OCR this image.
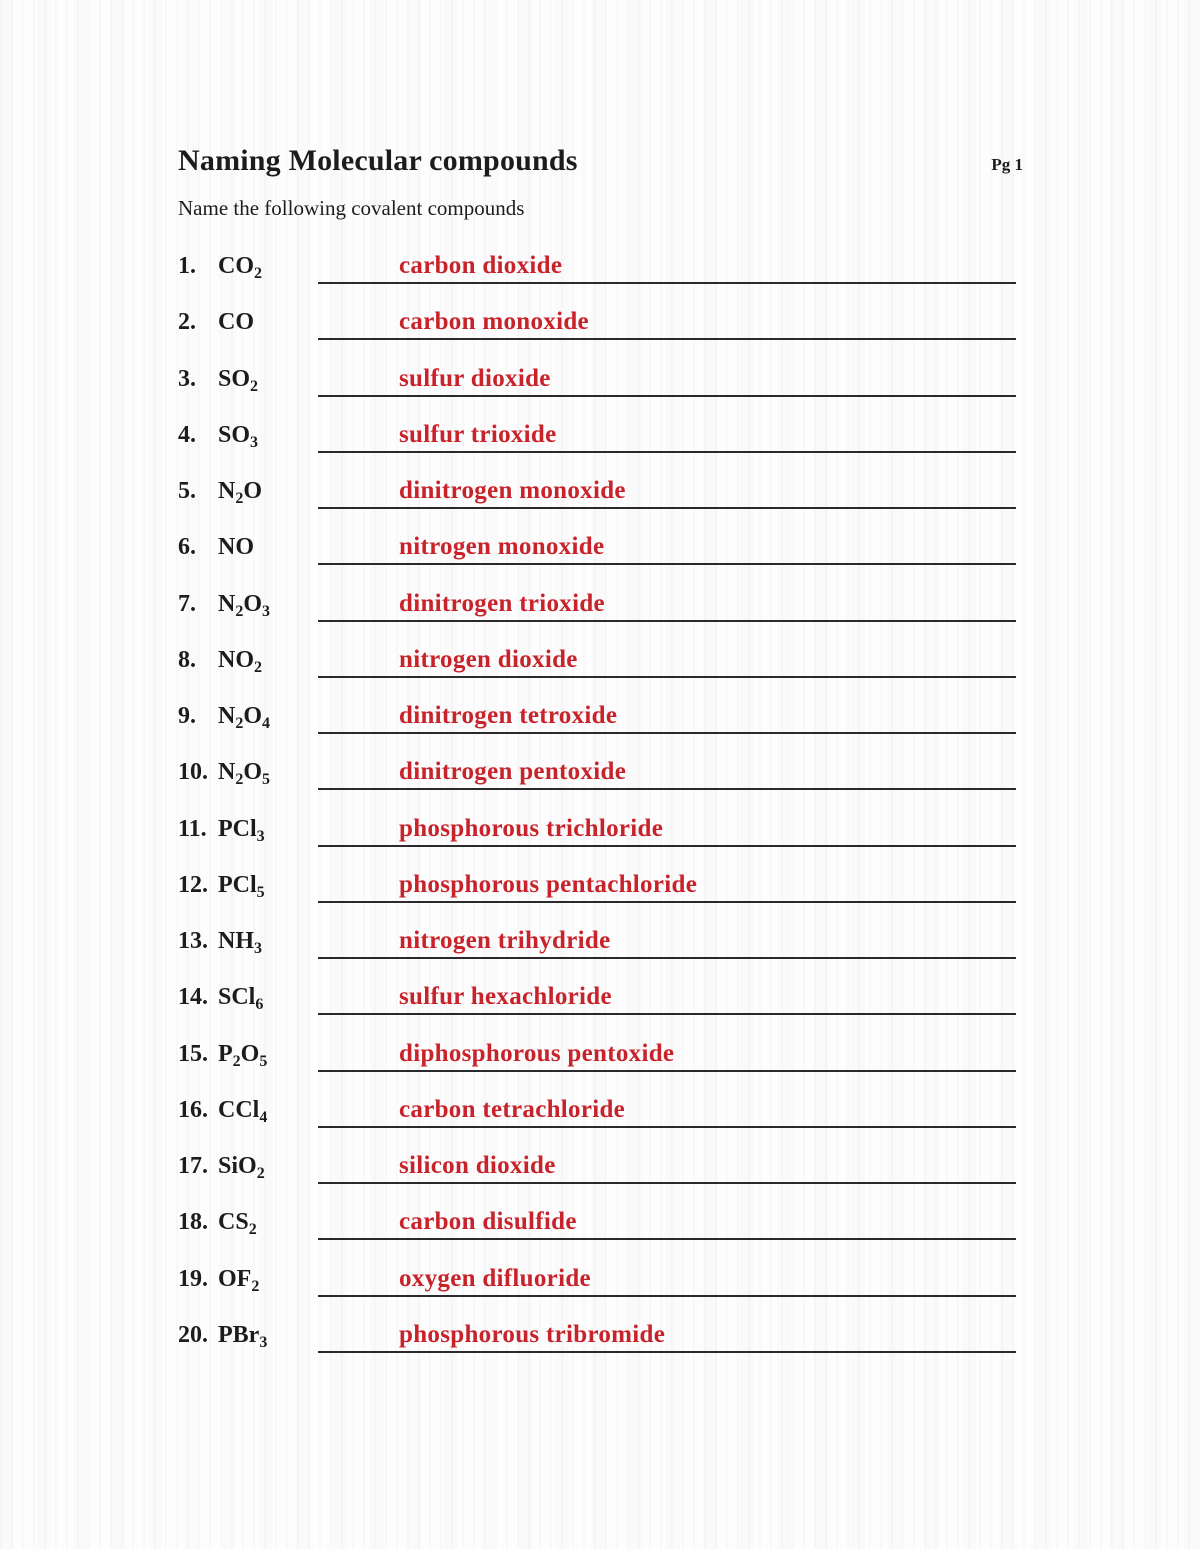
Naming Molecular compounds	Pg 1

Name the following covalent compounds

1. $CO_2$	carbon dioxide
2. CO	carbon monoxide
3. $SO_2$	sulfur dioxide
4. $SO_3$	sulfur trioxide
5. $N_2O$	dinitrogen monoxide
6. NO	nitrogen monoxide
7. $N_2O_3$	dinitrogen trioxide
8. $NO_2$	nitrogen dioxide
9. $N_2O_4$	dinitrogen tetroxide
10. $N_2O_5$	dinitrogen pentoxide
11. PCl$_3$	phosphorous trichloride
12. PCl$_5$	phosphorous pentachloride
13. $NH_3$	nitrogen trihydride
14. SCl$_6$	sulfur hexachloride
15. $P_2O_5$	diphosphorous pentoxide
16. CCl$_4$	carbon tetrachloride
17. SiO$_2$	silicon dioxide
18. $CS_2$	carbon disulfide
19. $OF_2$	oxygen difluoride
20. PBr$_3$	phosphorous tribromide
